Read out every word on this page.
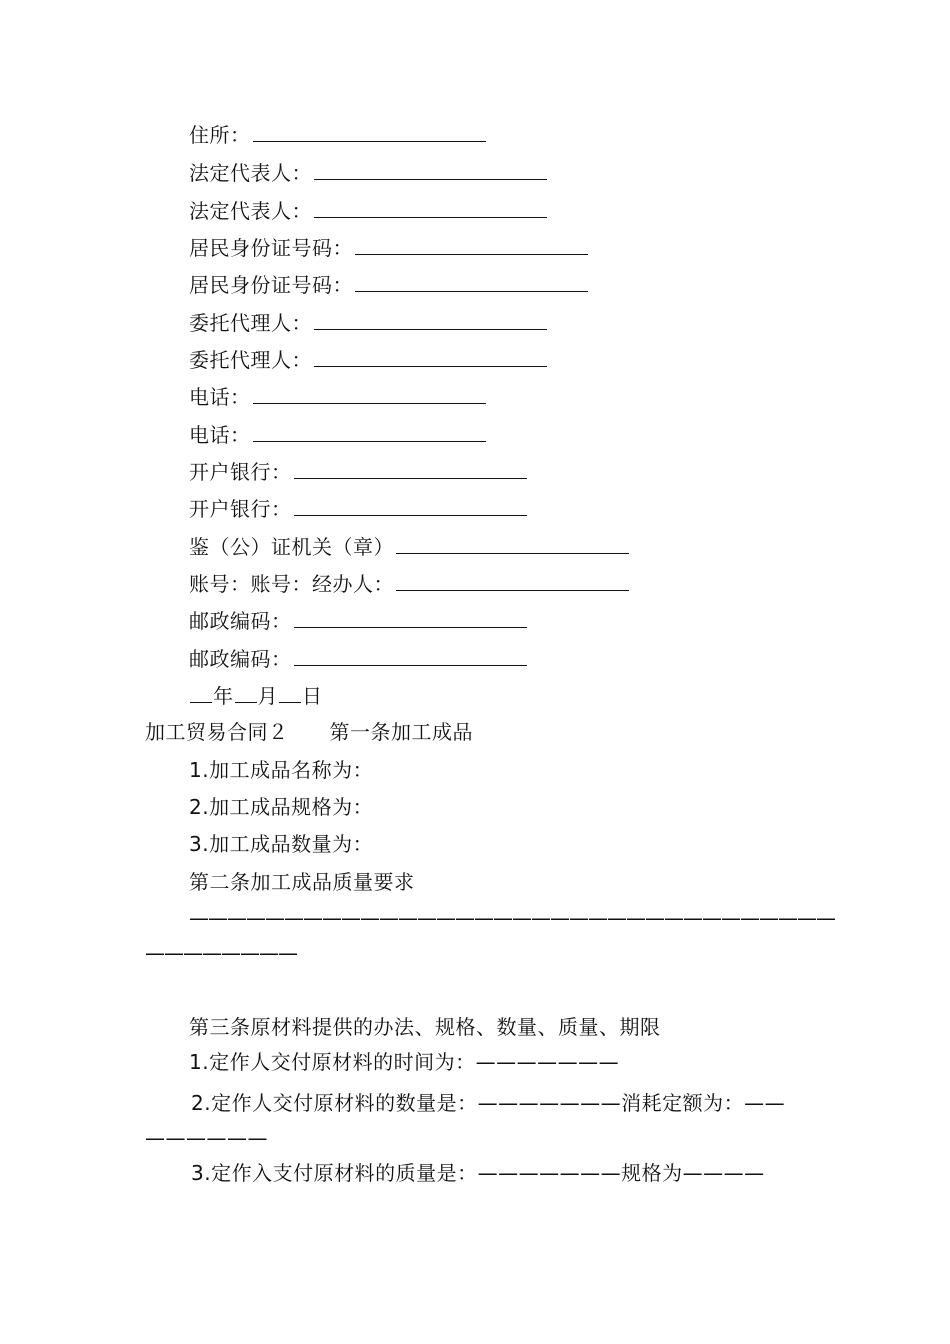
住所：
法定代表人：
法定代表人：
居民身份证号码：
居民身份证号码：
委托代理人：
委托代理人：
电话：
电话：
开户银行：
开户银行：
鉴（公）证机关（章）
账号：账号：经办人：
邮政编码：
邮政编码：
年 月 日
加工贸易合同２　　第一条加工成品
1.加工成品名称为：
2.加工成品规格为：
3.加工成品数量为：
第二条加工成品质量要求
——————————————————————————————————
————————
第三条原材料提供的办法、规格、数量、质量、期限
1.定作人交付原材料的时间为：———————
2.定作人交付原材料的数量是：———————消耗定额为：——
——————
3.定作入支付原材料的质量是：———————规格为————
